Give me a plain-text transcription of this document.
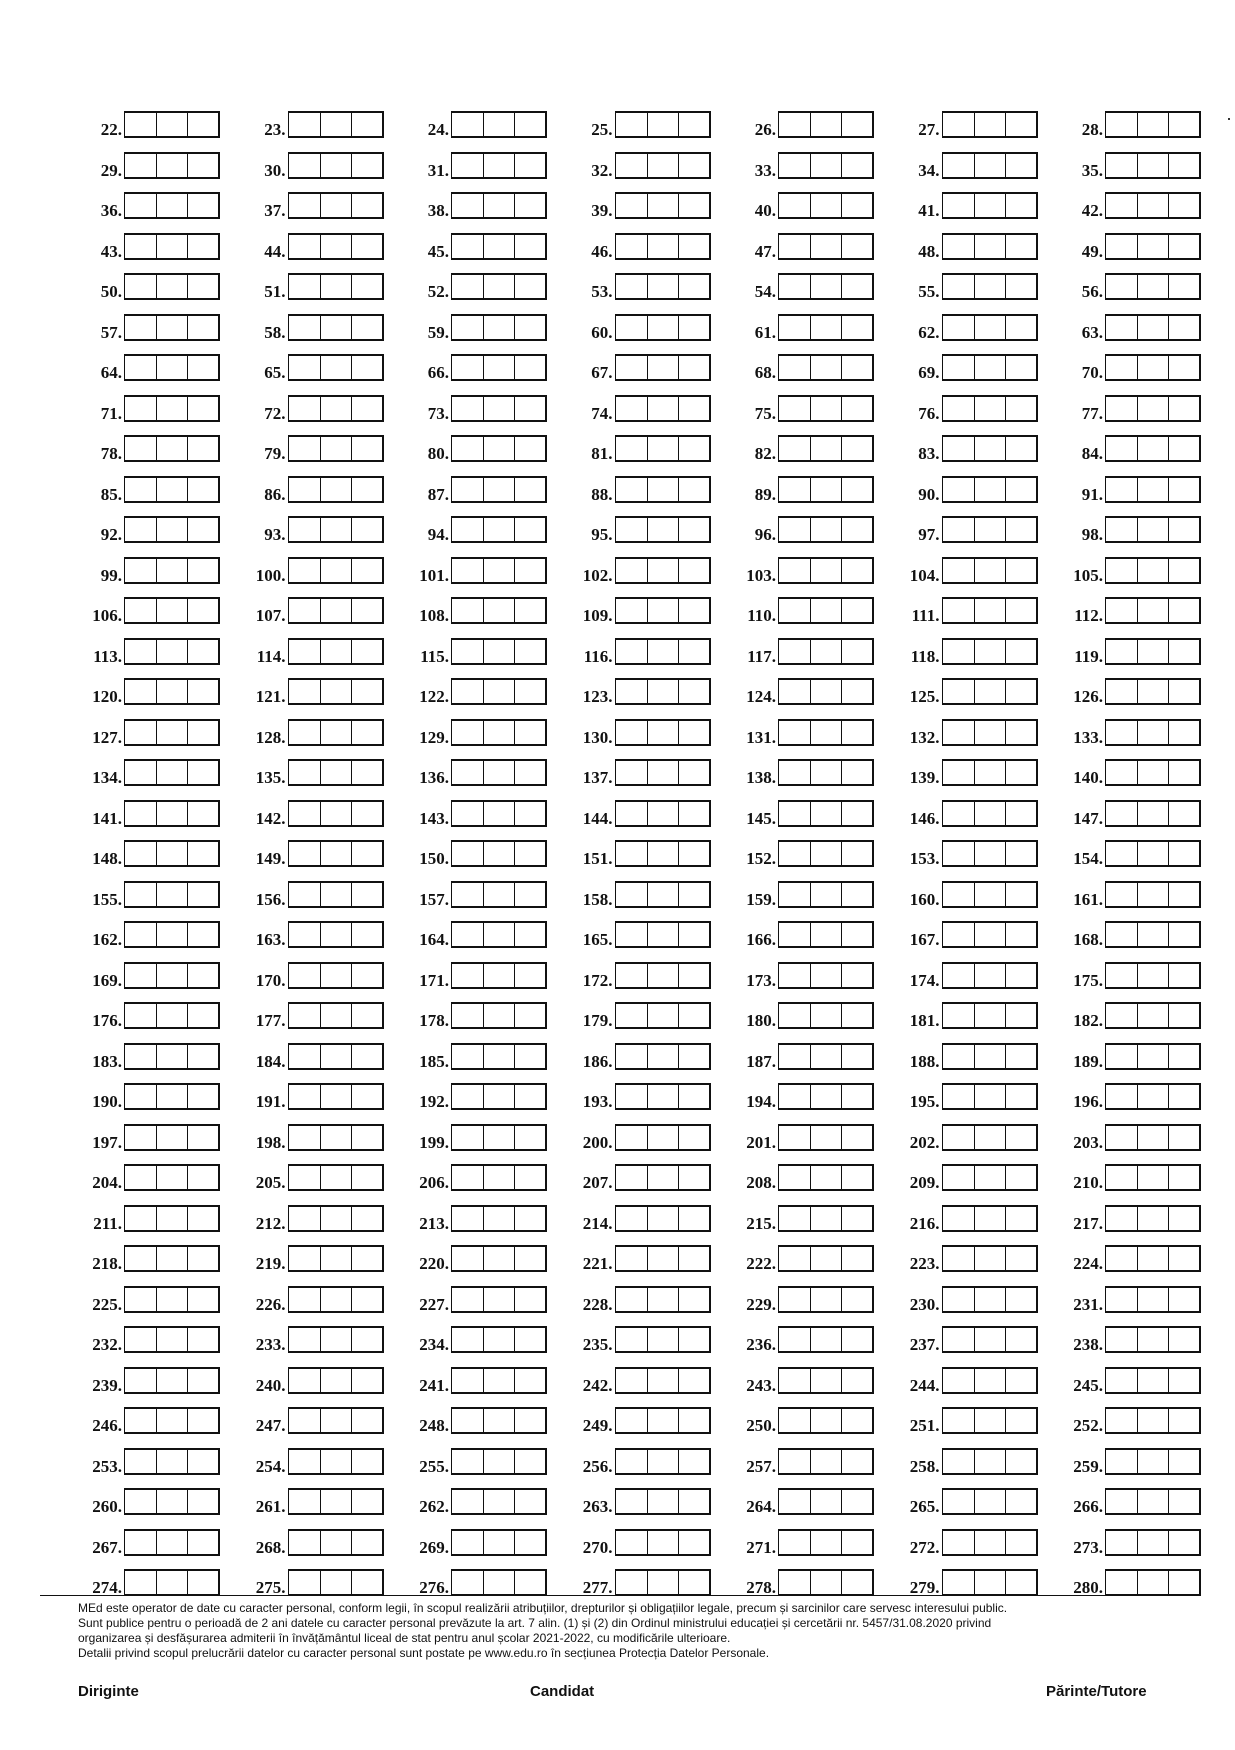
22.	23.	24.	25.	26.	27.	28.
29.	30.	31.	32.	33.	34.	35.
36.	37.	38.	39.	40.	41.	42.
43.	44.	45.	46.	47.	48.	49.
50.	51.	52.	53.	54.	55.	56.
57.	58.	59.	60.	61.	62.	63.
64.	65.	66.	67.	68.	69.	70.
71.	72.	73.	74.	75.	76.	77.
78.	79.	80.	81.	82.	83.	84.
85.	86.	87.	88.	89.	90.	91.
92.	93.	94.	95.	96.	97.	98.
99.	100.	101.	102.	103.	104.	105.
106.	107.	108.	109.	110.	111.	112.
113.	114.	115.	116.	117.	118.	119.
120.	121.	122.	123.	124.	125.	126.
127.	128.	129.	130.	131.	132.	133.
134.	135.	136.	137.	138.	139.	140.
141.	142.	143.	144.	145.	146.	147.
148.	149.	150.	151.	152.	153.	154.
155.	156.	157.	158.	159.	160.	161.
162.	163.	164.	165.	166.	167.	168.
169.	170.	171.	172.	173.	174.	175.
176.	177.	178.	179.	180.	181.	182.
183.	184.	185.	186.	187.	188.	189.
190.	191.	192.	193.	194.	195.	196.
197.	198.	199.	200.	201.	202.	203.
204.	205.	206.	207.	208.	209.	210.
211.	212.	213.	214.	215.	216.	217.
218.	219.	220.	221.	222.	223.	224.
225.	226.	227.	228.	229.	230.	231.
232.	233.	234.	235.	236.	237.	238.
239.	240.	241.	242.	243.	244.	245.
246.	247.	248.	249.	250.	251.	252.
253.	254.	255.	256.	257.	258.	259.
260.	261.	262.	263.	264.	265.	266.
267.	268.	269.	270.	271.	272.	273.
274.	275.	276.	277.	278.	279.	280.
MEd este operator de date cu caracter personal, conform legii, în scopul realizării atribuțiilor, drepturilor și obligațiilor legale, precum și sarcinilor care servesc interesului public.
Sunt publice pentru o perioadă de 2 ani datele cu caracter personal prevăzute la art. 7 alin. (1) și (2) din Ordinul ministrului educației și cercetării nr. 5457/31.08.2020 privind
organizarea și desfășurarea admiterii în învățământul liceal de stat pentru anul școlar 2021-2022, cu modificările ulterioare.
Detalii privind scopul prelucrării datelor cu caracter personal sunt postate pe www.edu.ro în secțiunea Protecția Datelor Personale.
Diriginte	Candidat	Părinte/Tutore
